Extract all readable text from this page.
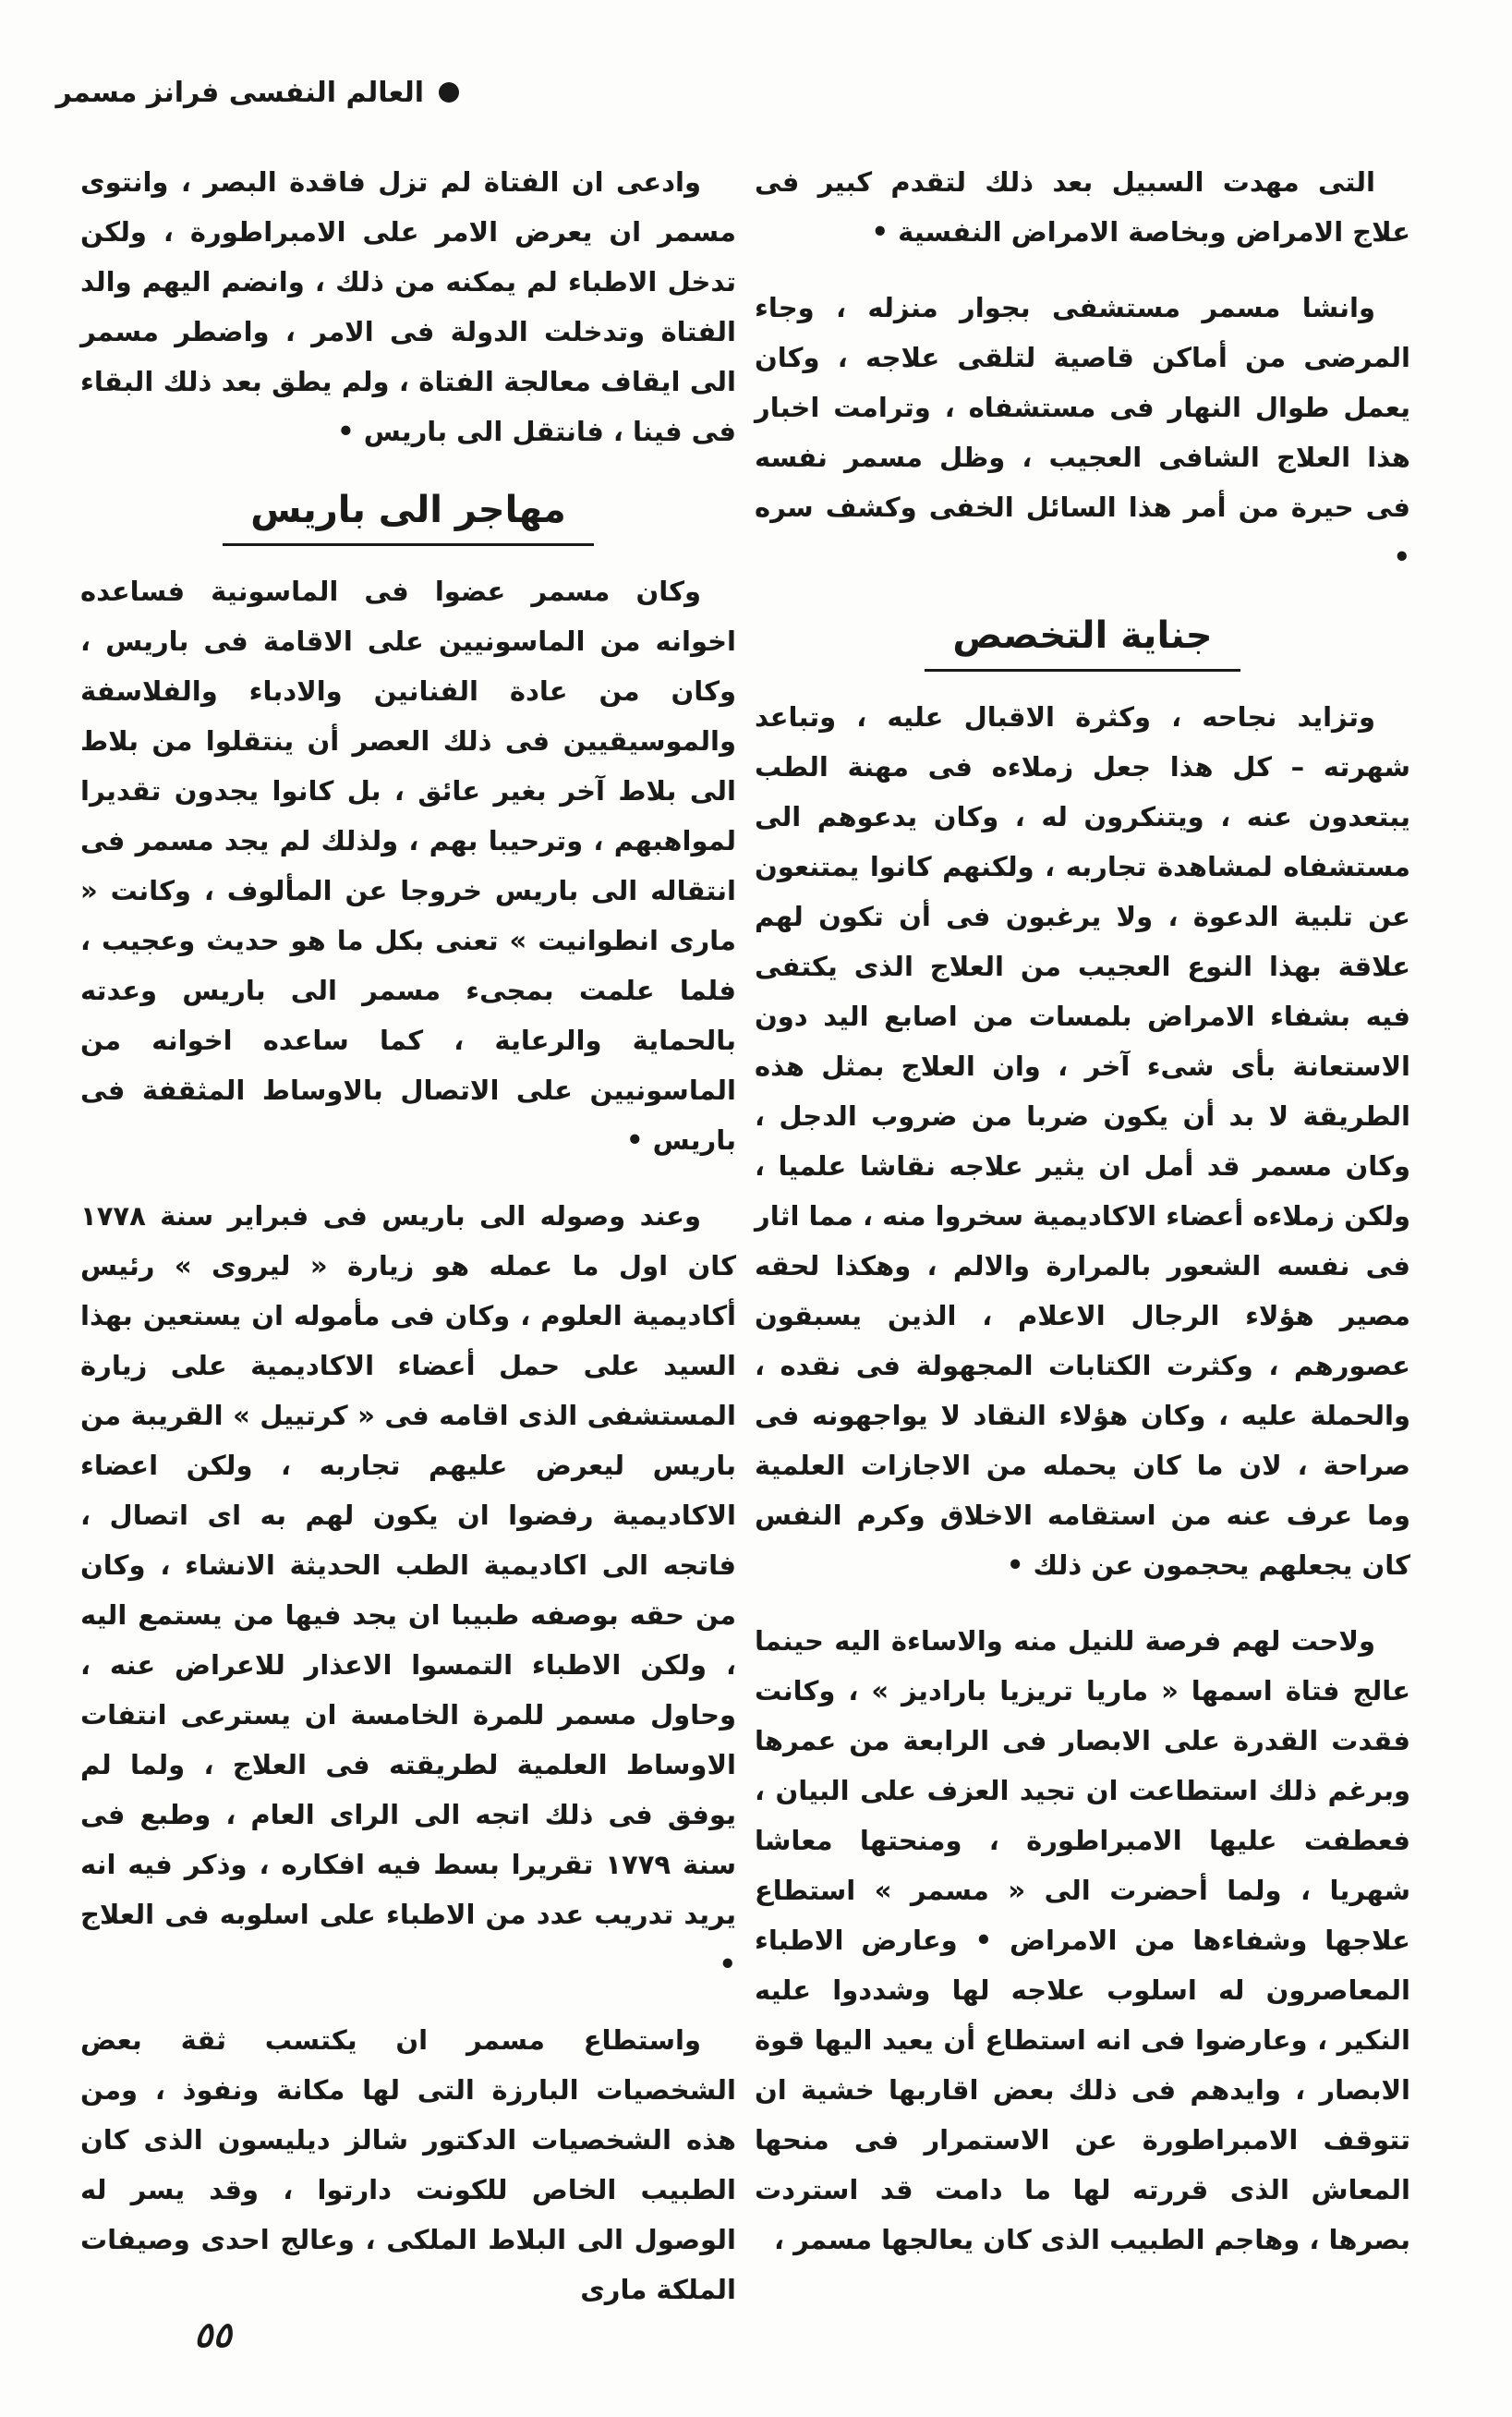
العالم النفسى فرانز مسمر

التى مهدت السبيل بعد ذلك لتقدم كبير فى علاج الامراض وبخاصة الامراض النفسية •

وانشا مسمر مستشفى بجوار منزله ، وجاء المرضى من أماكن قاصية لتلقى علاجه ، وكان يعمل طوال النهار فى مستشفاه ، وترامت اخبار هذا العلاج الشافى العجيب ، وظل مسمر نفسه فى حيرة من أمر هذا السائل الخفى وكشف سره •

جناية التخصص

وتزايد نجاحه ، وكثرة الاقبال عليه ، وتباعد شهرته – كل هذا جعل زملاءه فى مهنة الطب يبتعدون عنه ، ويتنكرون له ، وكان يدعوهم الى مستشفاه لمشاهدة تجاربه ، ولكنهم كانوا يمتنعون عن تلبية الدعوة ، ولا يرغبون فى أن تكون لهم علاقة بهذا النوع العجيب من العلاج الذى يكتفى فيه بشفاء الامراض بلمسات من اصابع اليد دون الاستعانة بأى شىء آخر ، وان العلاج بمثل هذه الطريقة لا بد أن يكون ضربا من ضروب الدجل ، وكان مسمر قد أمل ان يثير علاجه نقاشا علميا ، ولكن زملاءه أعضاء الاكاديمية سخروا منه ، مما اثار فى نفسه الشعور بالمرارة والالم ، وهكذا لحقه مصير هؤلاء الرجال الاعلام ، الذين يسبقون عصورهم ، وكثرت الكتابات المجهولة فى نقده ، والحملة عليه ، وكان هؤلاء النقاد لا يواجهونه فى صراحة ، لان ما كان يحمله من الاجازات العلمية وما عرف عنه من استقامه الاخلاق وكرم النفس كان يجعلهم يحجمون عن ذلك •

ولاحت لهم فرصة للنيل منه والاساءة اليه حينما عالج فتاة اسمها « ماريا تريزيا باراديز » ، وكانت فقدت القدرة على الابصار فى الرابعة من عمرها وبرغم ذلك استطاعت ان تجيد العزف على البيان ، فعطفت عليها الامبراطورة ، ومنحتها معاشا شهريا ، ولما أحضرت الى « مسمر » استطاع علاجها وشفاءها من الامراض • وعارض الاطباء المعاصرون له اسلوب علاجه لها وشددوا عليه النكير ، وعارضوا فى انه استطاع أن يعيد اليها قوة الابصار ، وايدهم فى ذلك بعض اقاربها خشية ان تتوقف الامبراطورة عن الاستمرار فى منحها المعاش الذى قررته لها ما دامت قد استردت بصرها ، وهاجم الطبيب الذى كان يعالجها مسمر ،

وادعى ان الفتاة لم تزل فاقدة البصر ، وانتوى مسمر ان يعرض الامر على الامبراطورة ، ولكن تدخل الاطباء لم يمكنه من ذلك ، وانضم اليهم والد الفتاة وتدخلت الدولة فى الامر ، واضطر مسمر الى ايقاف معالجة الفتاة ، ولم يطق بعد ذلك البقاء فى فينا ، فانتقل الى باريس •

مهاجر الى باريس

وكان مسمر عضوا فى الماسونية فساعده اخوانه من الماسونيين على الاقامة فى باريس ، وكان من عادة الفنانين والادباء والفلاسفة والموسيقيين فى ذلك العصر أن ينتقلوا من بلاط الى بلاط آخر بغير عائق ، بل كانوا يجدون تقديرا لمواهبهم ، وترحيبا بهم ، ولذلك لم يجد مسمر فى انتقاله الى باريس خروجا عن المألوف ، وكانت « مارى انطوانيت » تعنى بكل ما هو حديث وعجيب ، فلما علمت بمجىء مسمر الى باريس وعدته بالحماية والرعاية ، كما ساعده اخوانه من الماسونيين على الاتصال بالاوساط المثقفة فى باريس •

وعند وصوله الى باريس فى فبراير سنة ١٧٧٨ كان اول ما عمله هو زيارة « ليروى » رئيس أكاديمية العلوم ، وكان فى مأموله ان يستعين بهذا السيد على حمل أعضاء الاكاديمية على زيارة المستشفى الذى اقامه فى « كرتييل » القريبة من باريس ليعرض عليهم تجاربه ، ولكن اعضاء الاكاديمية رفضوا ان يكون لهم به اى اتصال ، فاتجه الى اكاديمية الطب الحديثة الانشاء ، وكان من حقه بوصفه طبيبا ان يجد فيها من يستمع اليه ، ولكن الاطباء التمسوا الاعذار للاعراض عنه ، وحاول مسمر للمرة الخامسة ان يسترعى انتفات الاوساط العلمية لطريقته فى العلاج ، ولما لم يوفق فى ذلك اتجه الى الراى العام ، وطبع فى سنة ١٧٧٩ تقريرا بسط فيه افكاره ، وذكر فيه انه يريد تدريب عدد من الاطباء على اسلوبه فى العلاج •

واستطاع مسمر ان يكتسب ثقة بعض الشخصيات البارزة التى لها مكانة ونفوذ ، ومن هذه الشخصيات الدكتور شالز ديليسون الذى كان الطبيب الخاص للكونت دارتوا ، وقد يسر له الوصول الى البلاط الملكى ، وعالج احدى وصيفات الملكة مارى

٥٥
